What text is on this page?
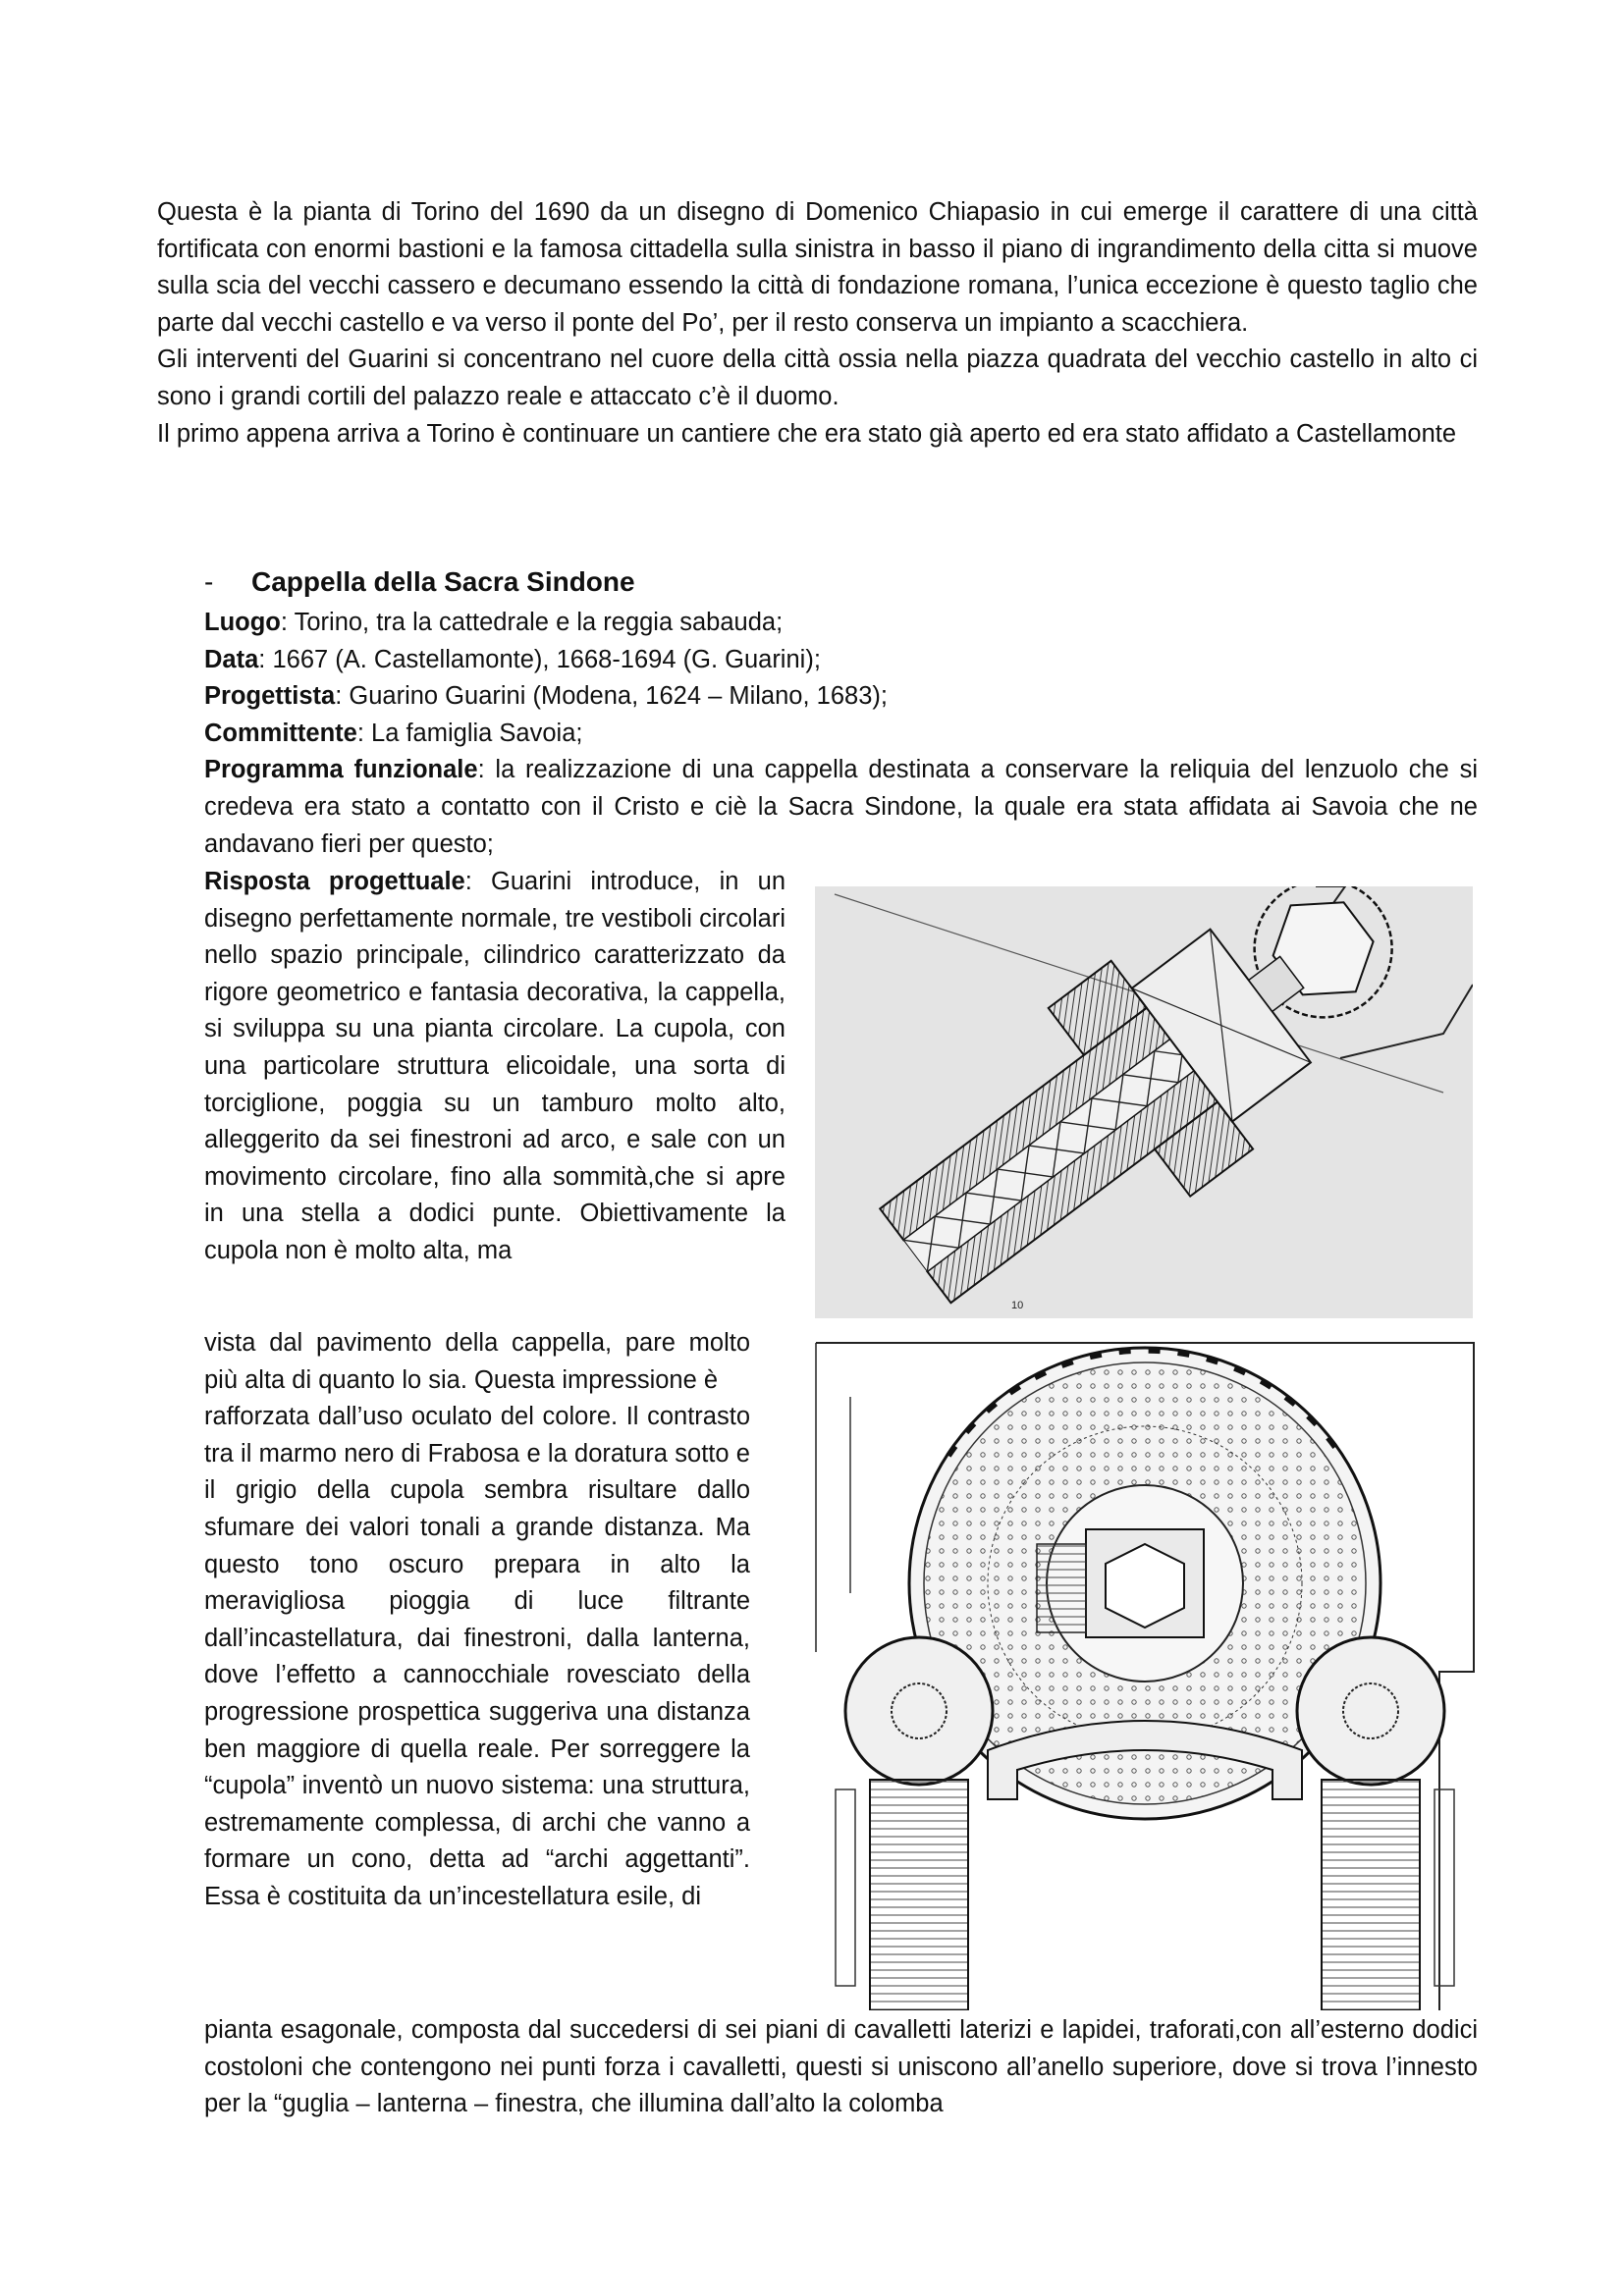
Questa è la pianta di Torino del 1690 da un disegno di Domenico Chiapasio in cui emerge il carattere di una città fortificata con enormi bastioni e la famosa cittadella sulla sinistra in basso il piano di ingrandimento della citta si muove sulla scia del vecchi cassero e decumano essendo la città di fondazione romana, l’unica eccezione è questo taglio che parte dal vecchi castello e va verso il ponte del Po’, per il resto conserva un impianto a scacchiera.

Gli interventi del Guarini si concentrano nel cuore della città ossia nella piazza quadrata del vecchio castello in alto ci sono i grandi cortili del palazzo reale e attaccato c’è il duomo.

Il primo appena arriva a Torino è continuare un cantiere che era stato già aperto ed era stato affidato a Castellamonte

- Cappella della Sacra Sindone

Luogo: Torino, tra la cattedrale e la reggia sabauda;

Data: 1667 (A. Castellamonte), 1668-1694 (G. Guarini);

Progettista: Guarino Guarini (Modena, 1624 – Milano, 1683);

Committente: La famiglia Savoia;

Programma funzionale: la realizzazione di una cappella destinata a conservare la reliquia del lenzuolo che si credeva era stato a contatto con il Cristo e ciè la Sacra Sindone, la quale era stata affidata ai Savoia che ne andavano fieri per questo;

Risposta progettuale: Guarini introduce, in un disegno perfettamente normale, tre vestiboli circolari nello spazio principale, cilindrico caratterizzato da rigore geometrico e fantasia decorativa, la cappella, si sviluppa su una pianta circolare. La cupola, con una particolare struttura elicoidale, una sorta di torciglione, poggia su un tamburo molto alto, alleggerito da sei finestroni ad arco, e sale con un movimento circolare, fino alla sommità,che si apre in una stella a dodici punte. Obiettivamente la cupola non è molto alta, ma

vista dal pavimento della cappella, pare molto più alta di quanto lo sia. Questa impressione è

rafforzata dall’uso oculato del colore. Il contrasto tra il marmo nero di Frabosa e la doratura sotto e il grigio della cupola sembra risultare dallo sfumare dei valori tonali a grande distanza. Ma questo tono oscuro prepara in alto la meravigliosa pioggia di luce filtrante dall’incastellatura, dai finestroni, dalla lanterna, dove l’effetto a cannocchiale rovesciato della progressione prospettica suggeriva una distanza ben maggiore di quella reale. Per sorreggere la “cupola” inventò un nuovo sistema: una struttura, estremamente complessa, di archi che vanno a formare un cono, detta ad “archi aggettanti”. Essa è costituita da un’incestellatura esile, di

pianta esagonale, composta dal succedersi di sei piani di cavalletti laterizi e lapidei, traforati,con all’esterno dodici costoloni che contengono nei punti forza i cavalletti, questi si uniscono all’anello superiore, dove si trova l’innesto per la “guglia – lanterna – finestra, che illumina dall’alto la colomba

10
